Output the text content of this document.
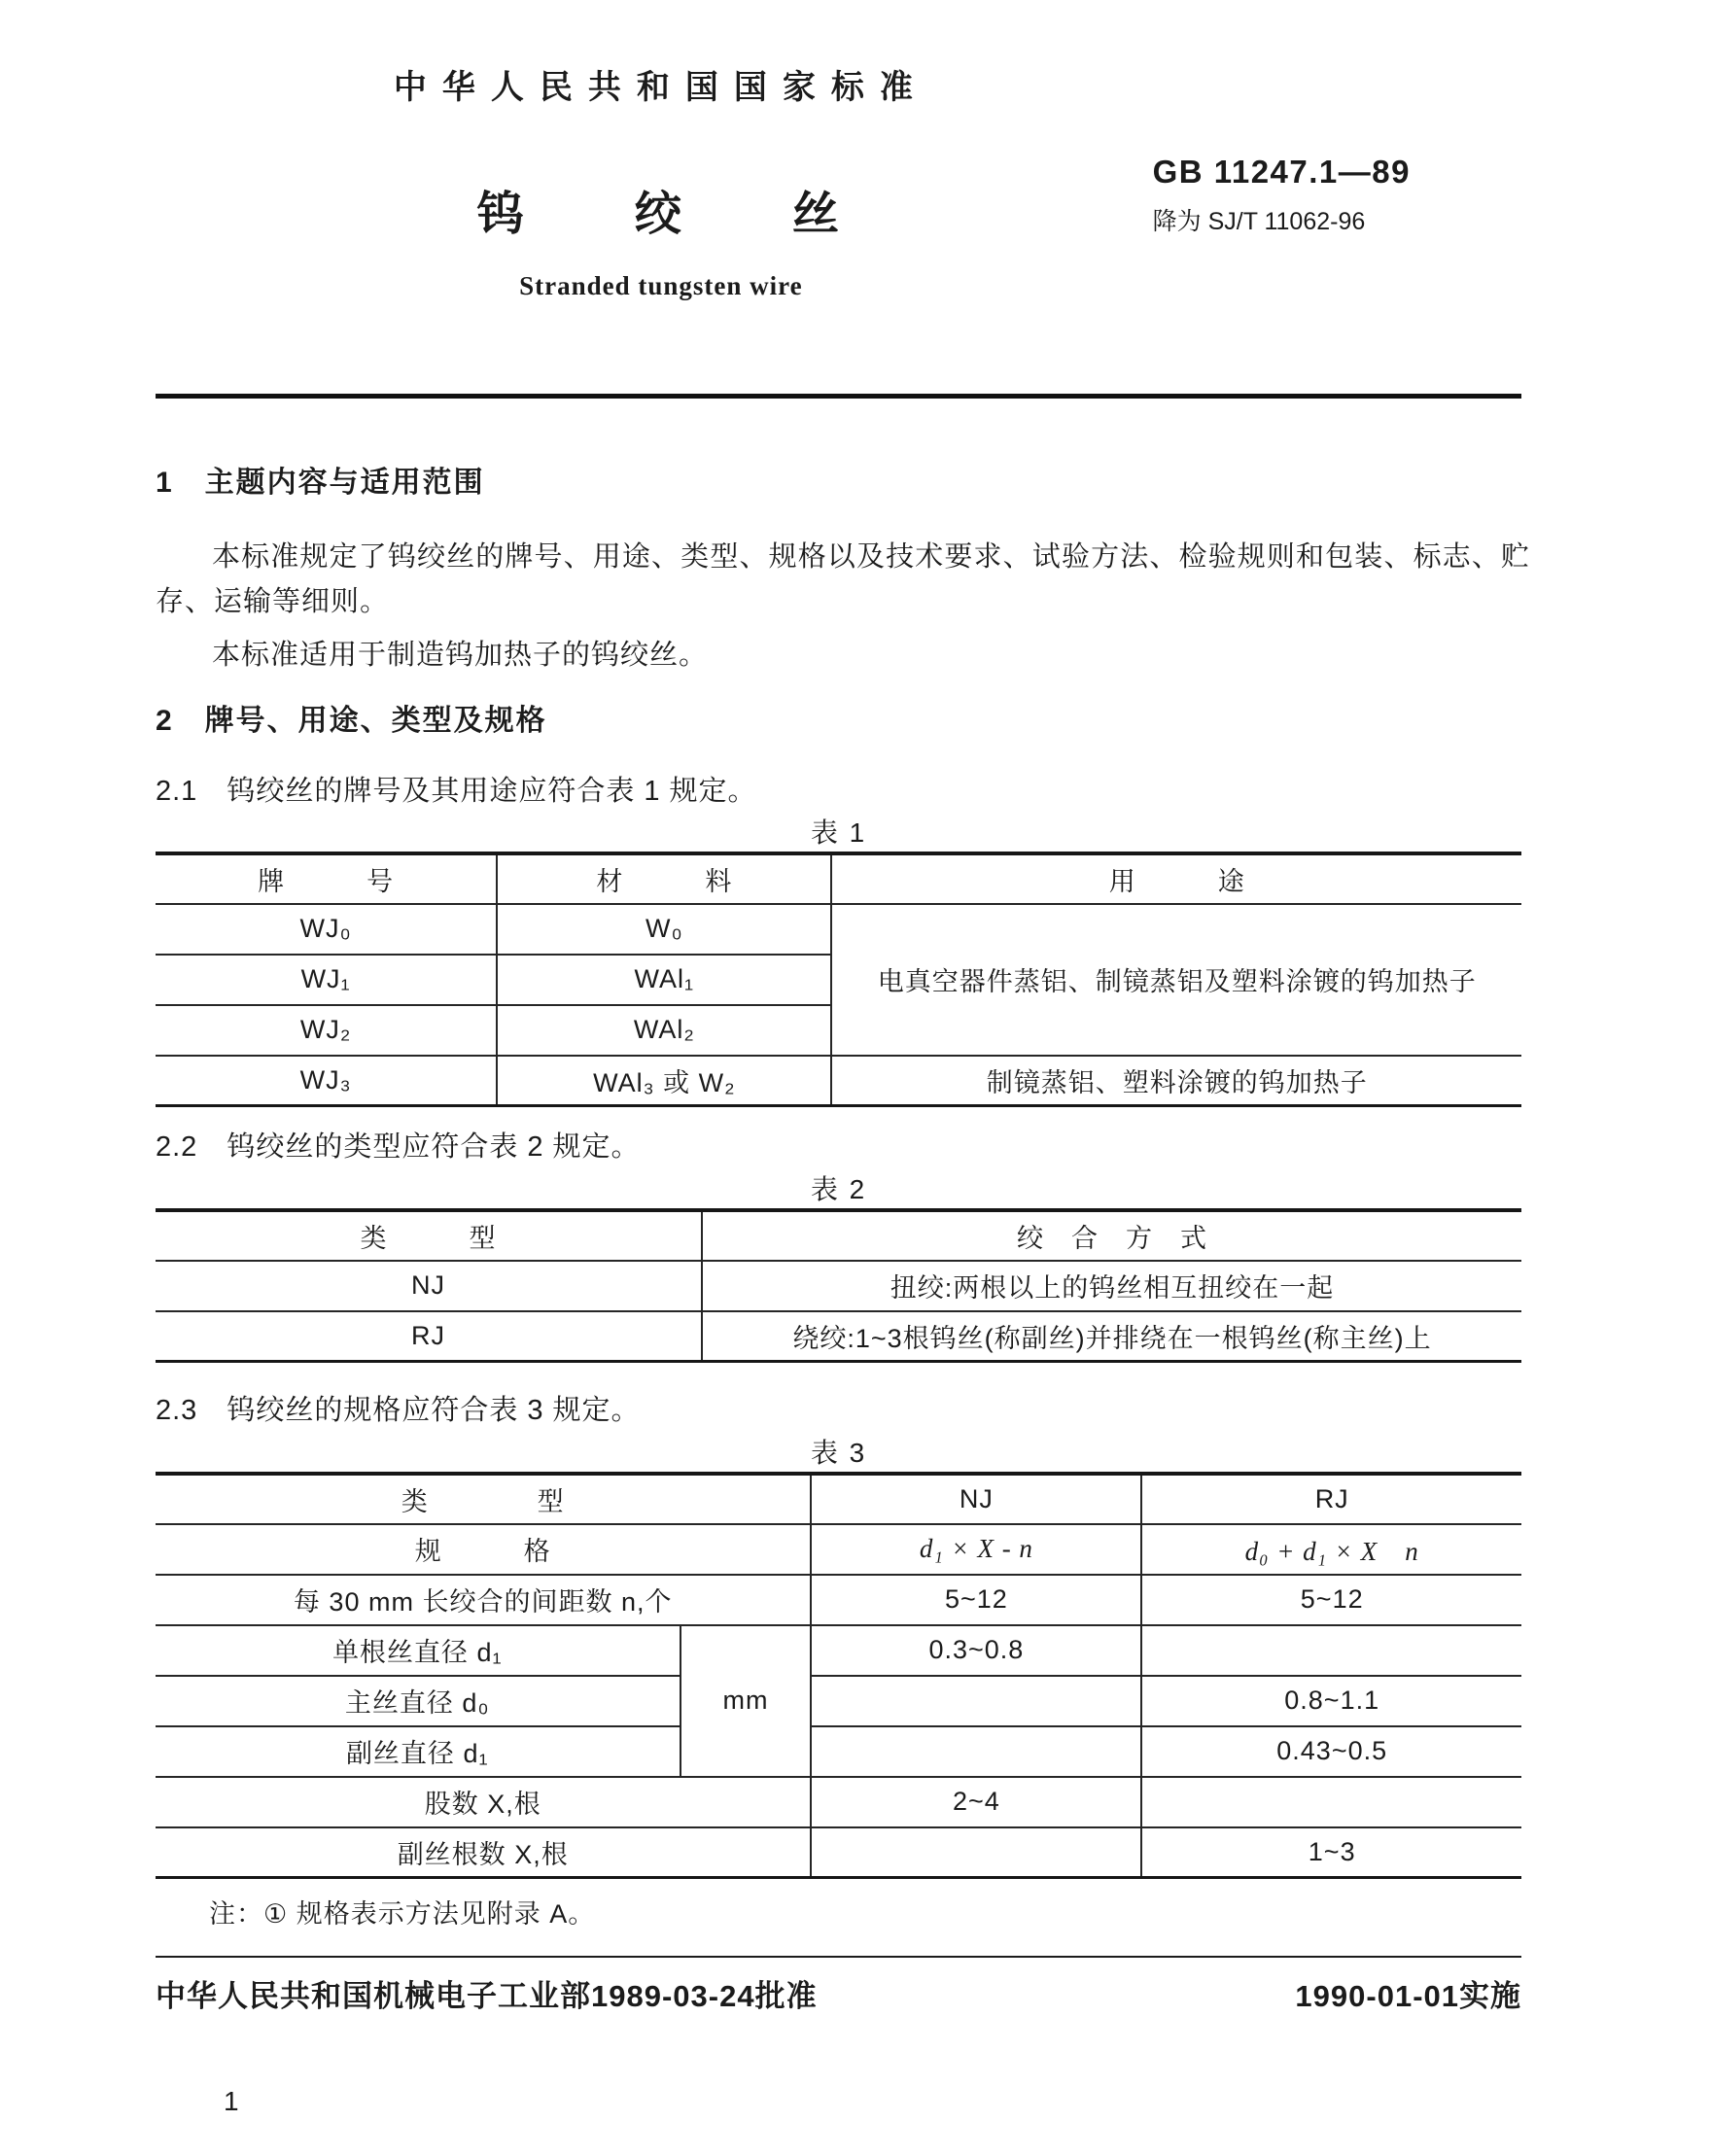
中华人民共和国国家标准
钨　　绞　　丝
Stranded tungsten wire
GB 11247.1—89
降为 SJ/T 11062-96
1　主题内容与适用范围
本标准规定了钨绞丝的牌号、用途、类型、规格以及技术要求、试验方法、检验规则和包装、标志、贮存、运输等细则。
本标准适用于制造钨加热子的钨绞丝。
2　牌号、用途、类型及规格
2.1　钨绞丝的牌号及其用途应符合表 1 规定。
表 1
牌　　　号	材　　　料	用　　　途
WJ₀	W₀	电真空器件蒸铝、制镜蒸铝及塑料涂镀的钨加热子
WJ₁	WAl₁	
WJ₂	WAl₂	
WJ₃	WAl₃ 或 W₂	制镜蒸铝、塑料涂镀的钨加热子
2.2　钨绞丝的类型应符合表 2 规定。
表 2
类　　　型	绞　合　方　式
NJ	扭绞:两根以上的钨丝相互扭绞在一起
RJ	绕绞:1~3根钨丝(称副丝)并排绕在一根钨丝(称主丝)上
2.3　钨绞丝的规格应符合表 3 规定。
表 3
类　　　　型		NJ	RJ
规　　　格		d₁ × X - n	d₀ + d₁ × X　n
每 30 mm 长绞合的间距数 n,个		5~12	5~12
单根丝直径 d₁	mm	0.3~0.8	
主丝直径 d₀			0.8~1.1
副丝直径 d₁			0.43~0.5
股数 X,根		2~4	
副丝根数 X,根			1~3
注：① 规格表示方法见附录 A。
中华人民共和国机械电子工业部1989-03-24批准	1990-01-01实施
1
